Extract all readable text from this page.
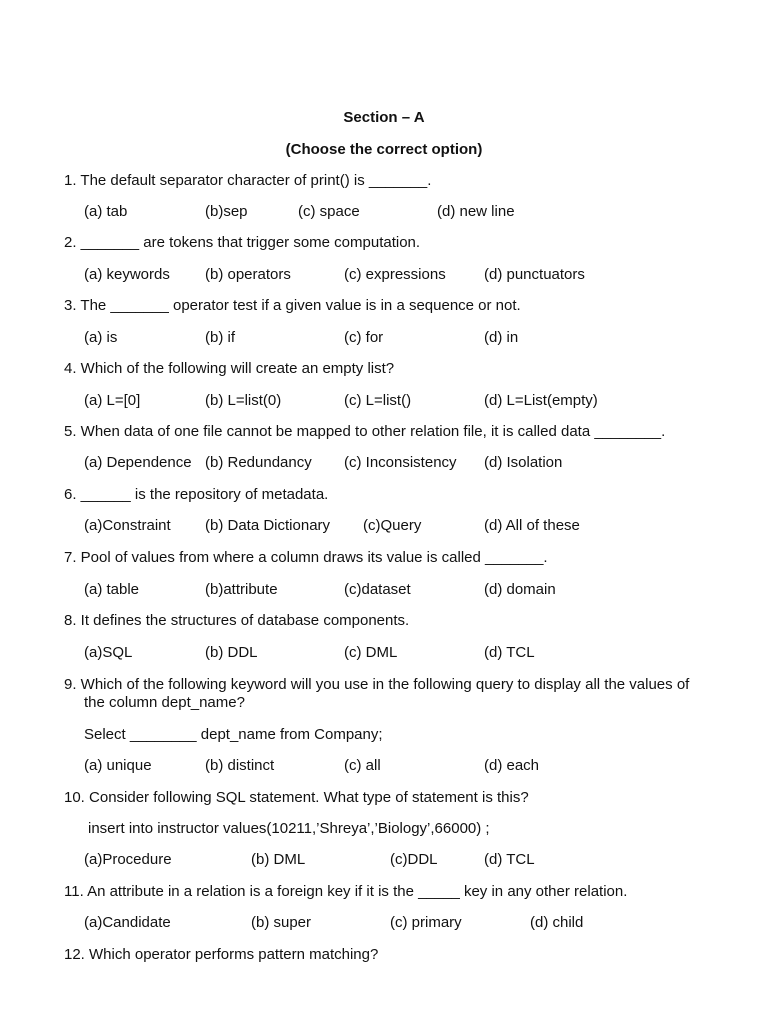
Section – A
(Choose the correct option)
1. The default separator character of print() is _______.
(a) tab	(b)sep	(c) space	(d) new line
2. _______ are tokens that trigger some computation.
(a) keywords (b) operators	(c) expressions	(d) punctuators
3. The _______ operator test if a given value is in a sequence or not.
(a) is	(b) if	(c) for	(d) in
4. Which of the following will create an empty list?
(a) L=[0]	(b) L=list(0)	(c) L=list()	(d) L=List(empty)
5. When data of one file cannot be mapped to other relation file, it is called data ________.
(a) Dependence (b) Redundancy (c) Inconsistency (d) Isolation
6. ______ is the repository of metadata.
(a)Constraint (b) Data Dictionary (c)Query	(d) All of these
7. Pool of values from where a column draws its value is called _______.
(a) table	(b)attribute	(c)dataset	(d) domain
8. It defines the structures of database components.
(a)SQL	(b) DDL	(c) DML	(d) TCL
9. Which of the following keyword will you use in the following query to display all the values of
the column dept_name?
Select ________ dept_name from Company;
(a) unique	(b) distinct	(c) all	(d) each
10. Consider following SQL statement. What type of statement is this?
insert into instructor values(10211,’Shreya’,’Biology’,66000) ;
(a)Procedure	(b) DML	(c)DDL	(d) TCL
11. An attribute in a relation is a foreign key if it is the _____ key in any other relation.
(a)Candidate	(b) super	(c) primary	(d) child
12. Which operator performs pattern matching?
